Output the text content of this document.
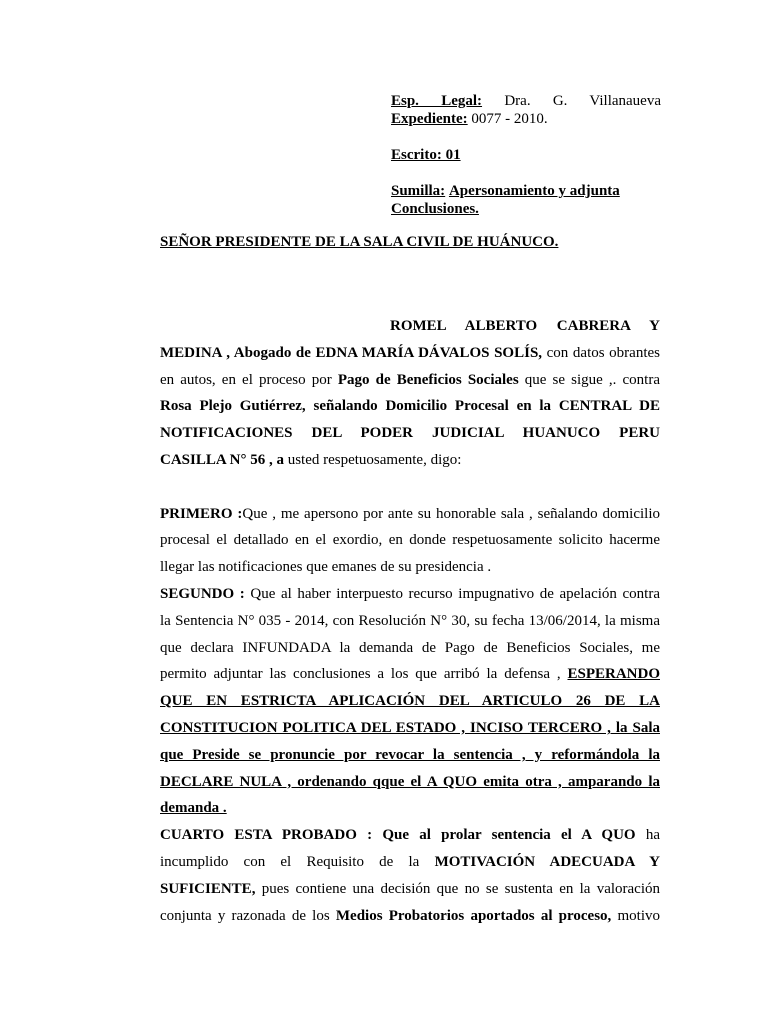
Esp. Legal: Dra. G. Villanaueva
Expediente: 0077 - 2010.
Escrito: 01
Sumilla: Apersonamiento y adjunta
Conclusiones.
SEÑOR PRESIDENTE DE LA SALA CIVIL DE HUÁNUCO.
ROMEL ALBERTO CABRERA Y
MEDINA , Abogado de EDNA MARÍA DÁVALOS SOLÍS, con datos obrantes
en autos, en el proceso por Pago de Beneficios Sociales que se sigue ,. contra
Rosa Plejo Gutiérrez, señalando Domicilio Procesal en la CENTRAL DE
NOTIFICACIONES DEL PODER JUDICIAL HUANUCO PERU
CASILLA N° 56 , a usted respetuosamente, digo:
PRIMERO :Que , me apersono por ante su honorable sala , señalando domicilio
procesal el detallado en el exordio, en donde respetuosamente solicito hacerme
llegar las notificaciones que emanes de su presidencia .
SEGUNDO : Que al haber interpuesto recurso impugnativo de apelación contra
la Sentencia N° 035 - 2014, con Resolución N° 30, su fecha 13/06/2014, la misma
que declara INFUNDADA la demanda de Pago de Beneficios Sociales, me
permito adjuntar las conclusiones a los que arribó la defensa , ESPERANDO
QUE EN ESTRICTA APLICACIÓN DEL ARTICULO 26 DE LA
CONSTITUCION POLITICA DEL ESTADO , INCISO TERCERO , la Sala
que Preside se pronuncie por revocar la sentencia , y reformándola la
DECLARE NULA , ordenando qque el A QUO emita otra , amparando la
demanda .
CUARTO ESTA PROBADO : Que al prolar sentencia el A QUO ha
incumplido con el Requisito de la MOTIVACIÓN ADECUADA Y
SUFICIENTE, pues contiene una decisión que no se sustenta en la valoración
conjunta y razonada de los Medios Probatorios aportados al proceso, motivo
